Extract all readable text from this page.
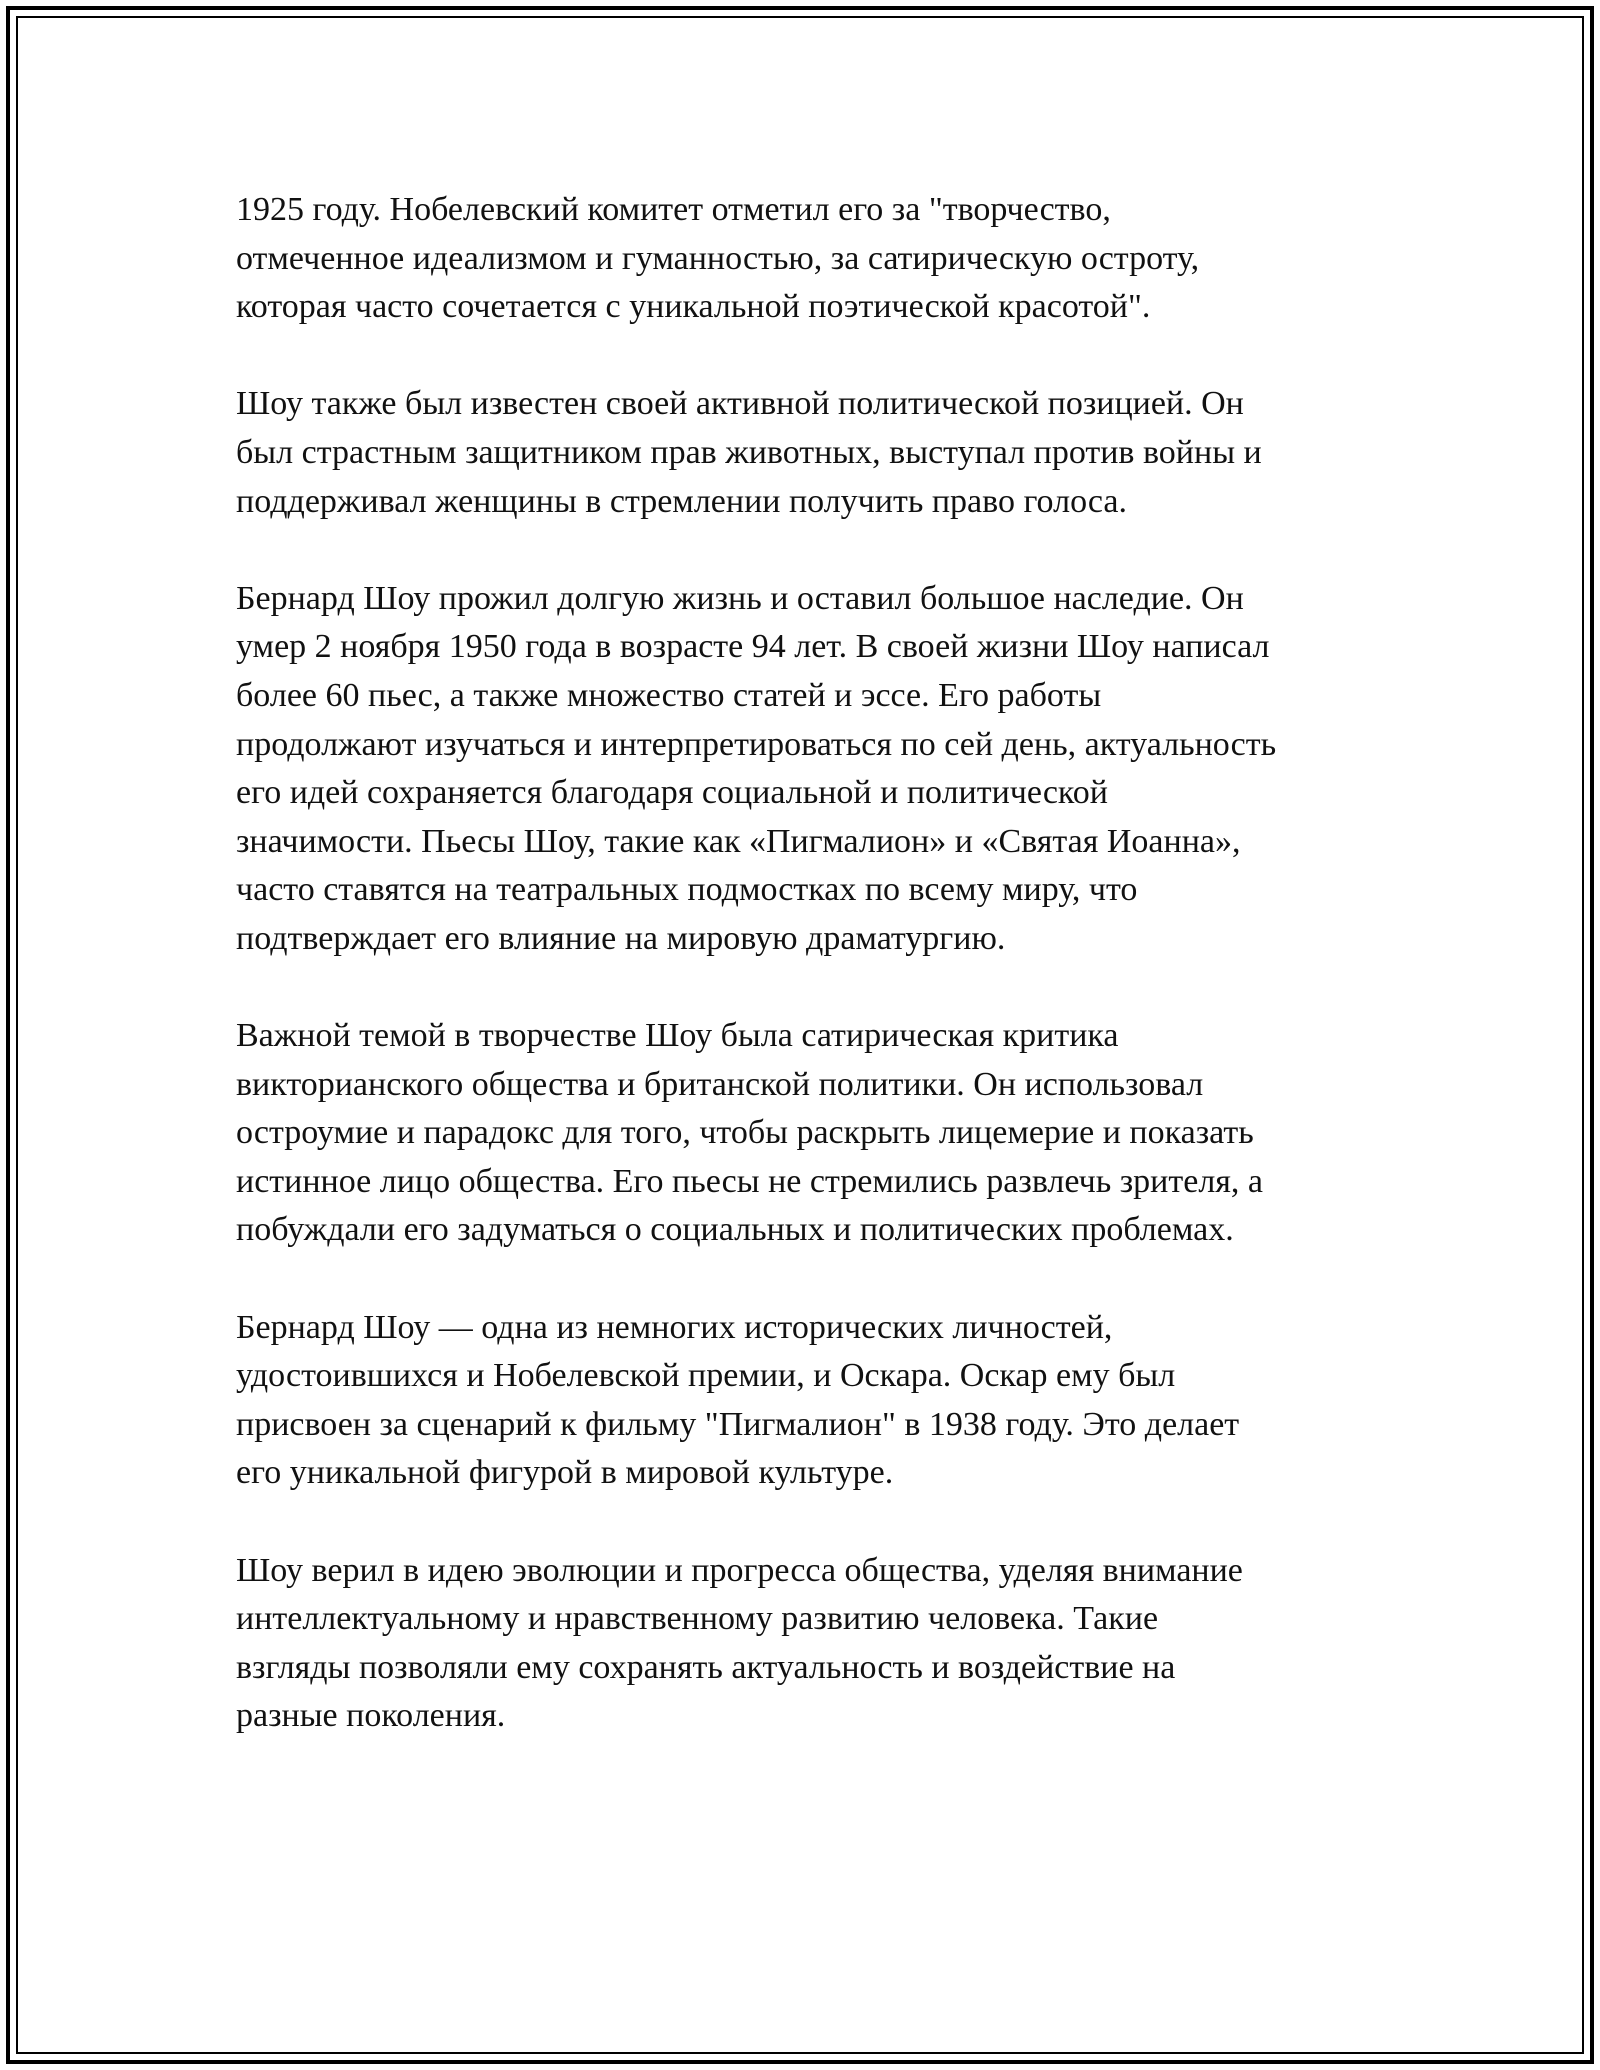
1925 году. Нобелевский комитет отметил его за "творчество,
отмеченное идеализмом и гуманностью, за сатирическую остроту,
которая часто сочетается с уникальной поэтической красотой".

Шоу также был известен своей активной политической позицией. Он
был страстным защитником прав животных, выступал против войны и
поддерживал женщины в стремлении получить право голоса.

Бернард Шоу прожил долгую жизнь и оставил большое наследие. Он
умер 2 ноября 1950 года в возрасте 94 лет. В своей жизни Шоу написал
более 60 пьес, а также множество статей и эссе. Его работы
продолжают изучаться и интерпретироваться по сей день, актуальность
его идей сохраняется благодаря социальной и политической
значимости. Пьесы Шоу, такие как «Пигмалион» и «Святая Иоанна»,
часто ставятся на театральных подмостках по всему миру, что
подтверждает его влияние на мировую драматургию.

Важной темой в творчестве Шоу была сатирическая критика
викторианского общества и британской политики. Он использовал
остроумие и парадокс для того, чтобы раскрыть лицемерие и показать
истинное лицо общества. Его пьесы не стремились развлечь зрителя, а
побуждали его задуматься о социальных и политических проблемах.

Бернард Шоу — одна из немногих исторических личностей,
удостоившихся и Нобелевской премии, и Оскара. Оскар ему был
присвоен за сценарий к фильму "Пигмалион" в 1938 году. Это делает
его уникальной фигурой в мировой культуре.

Шоу верил в идею эволюции и прогресса общества, уделяя внимание
интеллектуальному и нравственному развитию человека. Такие
взгляды позволяли ему сохранять актуальность и воздействие на
разные поколения.
